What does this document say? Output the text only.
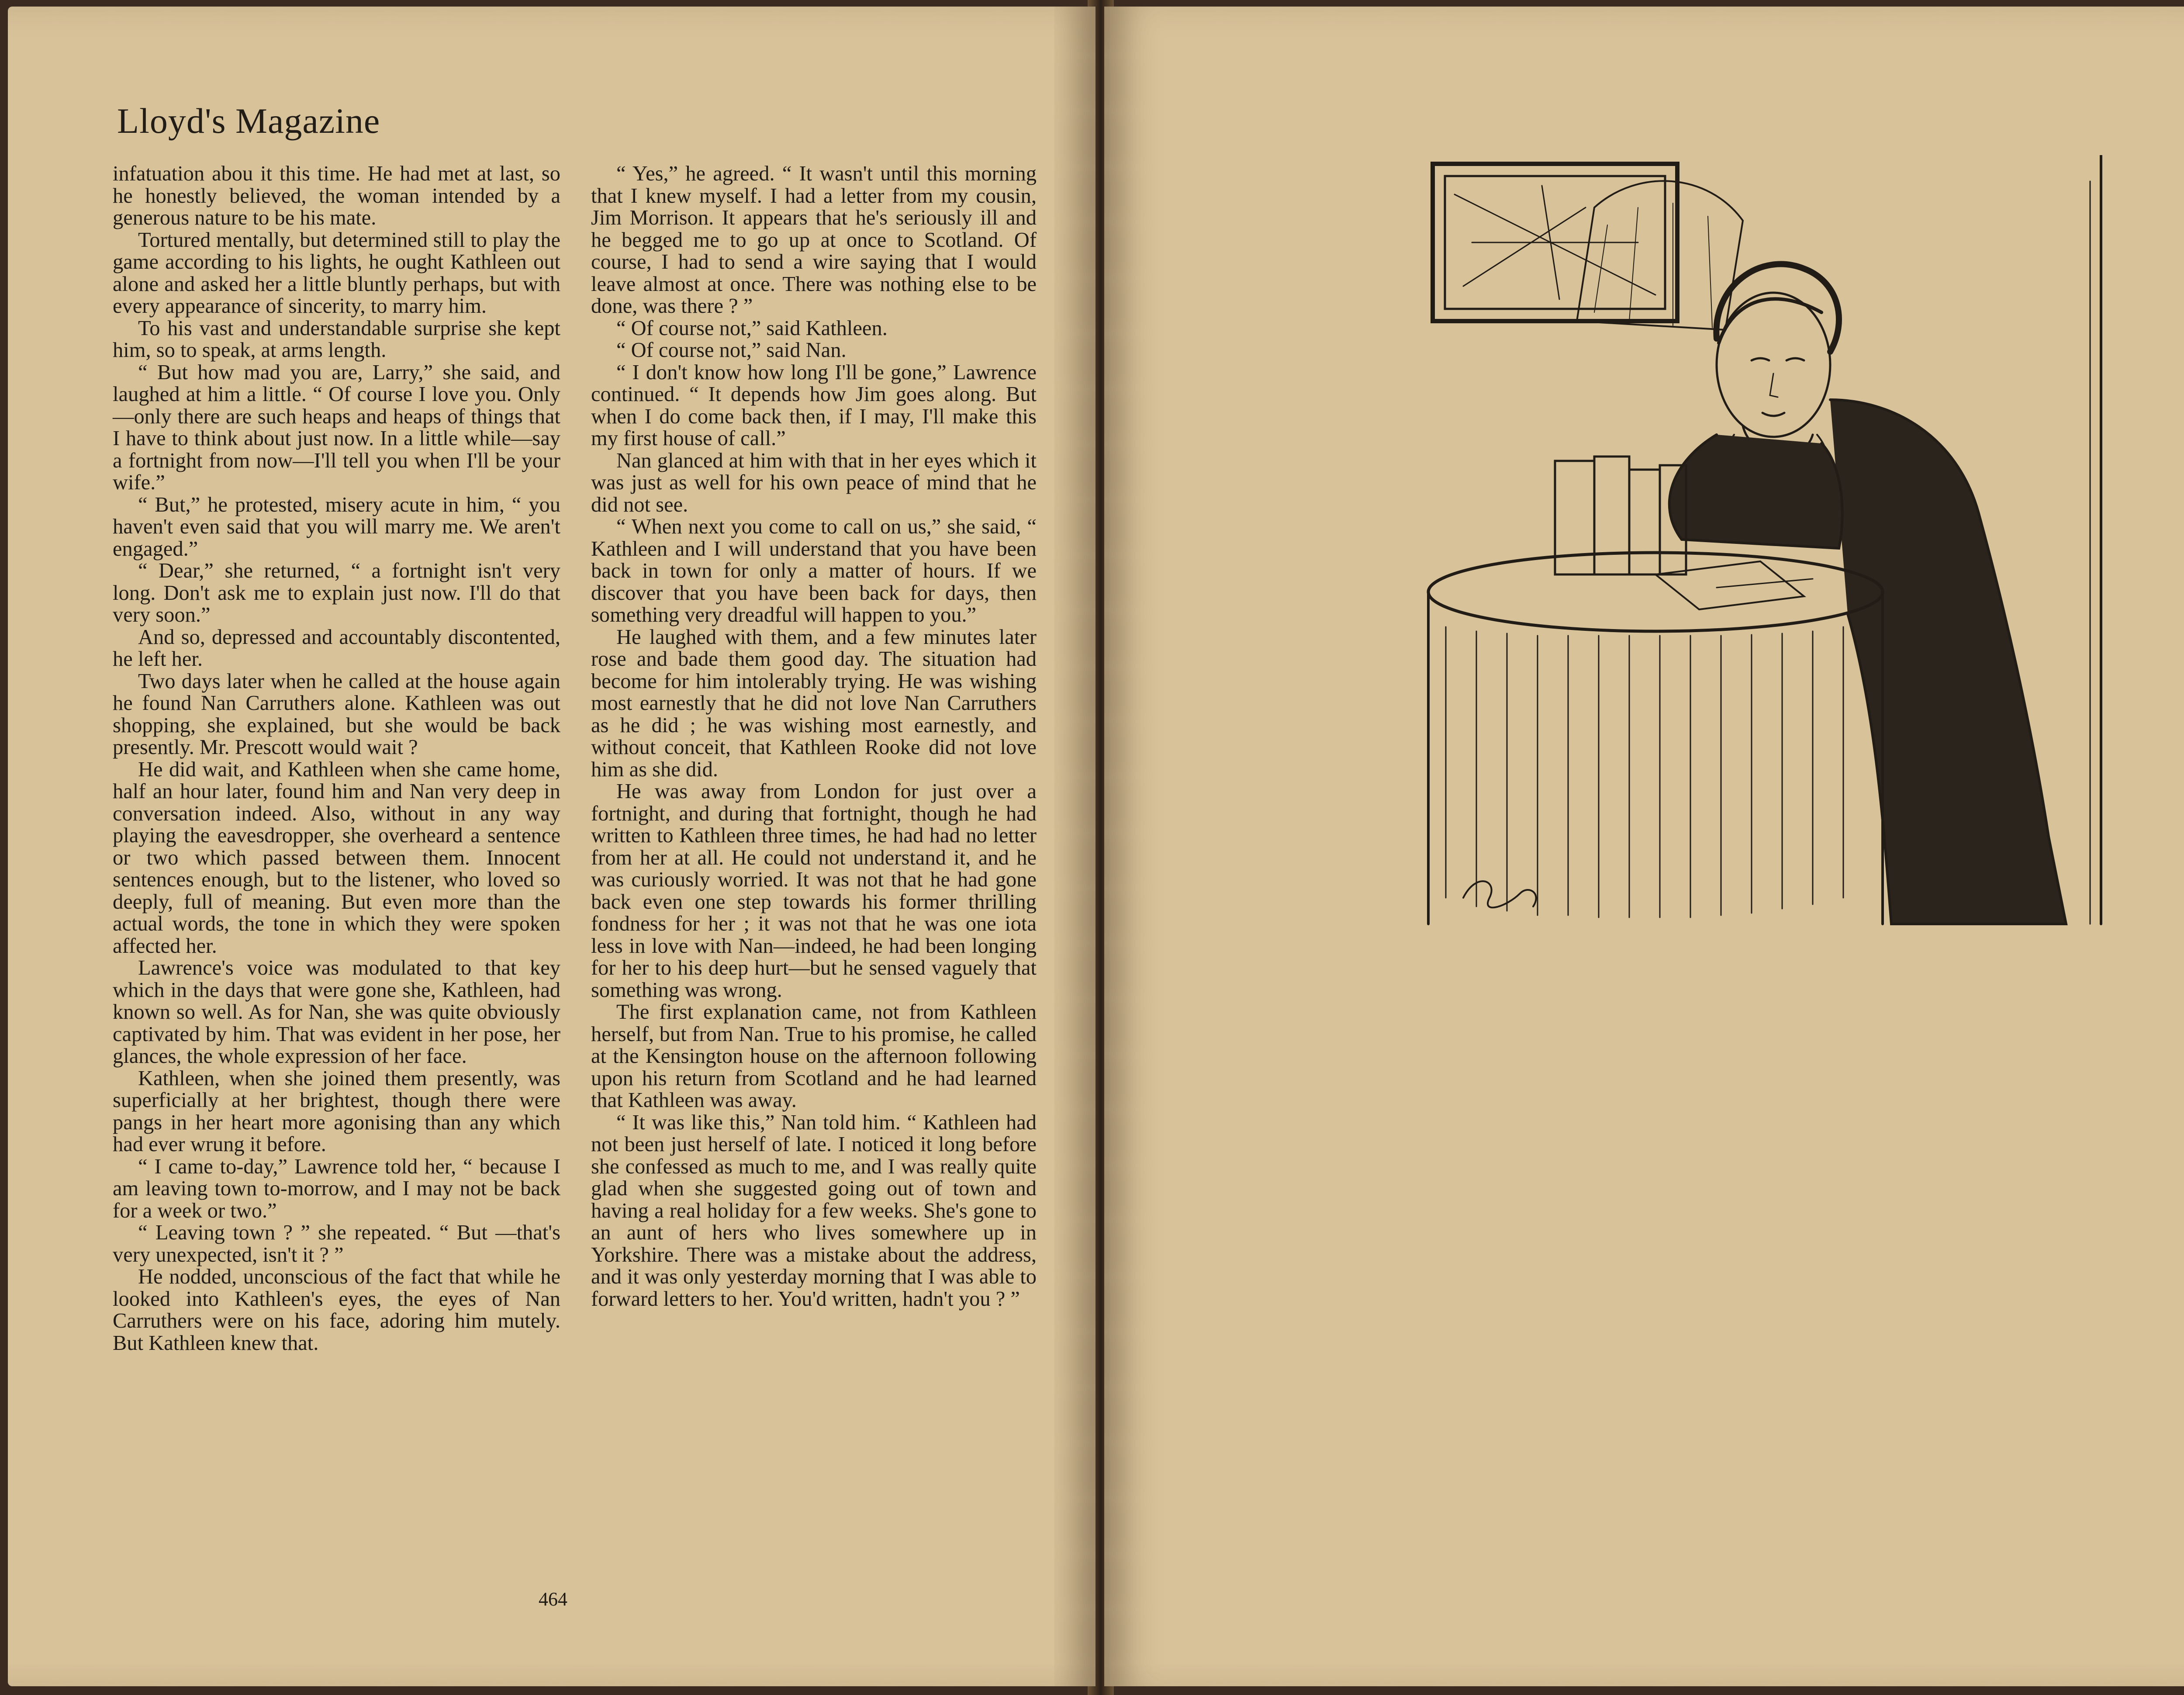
Lloyd's Magazine

infatuation abou it this time. He had met at last, so he honestly believed, the woman intended by a generous nature to be his mate.

Tortured mentally, but determined still to play the game according to his lights, he ought Kathleen out alone and asked her a little bluntly perhaps, but with every appearance of sincerity, to marry him.

To his vast and understandable surprise she kept him, so to speak, at arms length.

“ But how mad you are, Larry,” she said, and laughed at him a little. “ Of course I love you. Only—only there are such heaps and heaps of things that I have to think about just now. In a little while—say a fortnight from now—I'll tell you when I'll be your wife.”

“ But,” he protested, misery acute in him, “ you haven't even said that you will marry me. We aren't engaged.”

“ Dear,” she returned, “ a fortnight isn't very long. Don't ask me to explain just now. I'll do that very soon.”

And so, depressed and accountably discontented, he left her.

Two days later when he called at the house again he found Nan Carruthers alone. Kathleen was out shopping, she explained, but she would be back presently. Mr. Prescott would wait ?

He did wait, and Kathleen when she came home, half an hour later, found him and Nan very deep in conversation indeed. Also, without in any way playing the eavesdropper, she overheard a sentence or two which passed between them. Innocent sentences enough, but to the listener, who loved so deeply, full of meaning. But even more than the actual words, the tone in which they were spoken affected her.

Lawrence's voice was modulated to that key which in the days that were gone she, Kathleen, had known so well. As for Nan, she was quite obviously captivated by him. That was evident in her pose, her glances, the whole expression of her face.

Kathleen, when she joined them presently, was superficially at her brightest, though there were pangs in her heart more agonising than any which had ever wrung it before.

“ I came to-day,” Lawrence told her, “ because I am leaving town to-morrow, and I may not be back for a week or two.”

“ Leaving town ? ” she repeated. “ But —that's very unexpected, isn't it ? ”

He nodded, unconscious of the fact that while he looked into Kathleen's eyes, the eyes of Nan Carruthers were on his face, adoring him mutely. But Kathleen knew that.

“ Yes,” he agreed. “ It wasn't until this morning that I knew myself. I had a letter from my cousin, Jim Morrison. It appears that he's seriously ill and he begged me to go up at once to Scotland. Of course, I had to send a wire saying that I would leave almost at once. There was nothing else to be done, was there ? ”

“ Of course not,” said Kathleen.

“ Of course not,” said Nan.

“ I don't know how long I'll be gone,” Lawrence continued. “ It depends how Jim goes along. But when I do come back then, if I may, I'll make this my first house of call.”

Nan glanced at him with that in her eyes which it was just as well for his own peace of mind that he did not see.

“ When next you come to call on us,” she said, “ Kathleen and I will understand that you have been back in town for only a matter of hours. If we discover that you have been back for days, then something very dreadful will happen to you.”

He laughed with them, and a few minutes later rose and bade them good day. The situation had become for him intolerably trying. He was wishing most earnestly that he did not love Nan Carruthers as he did ; he was wishing most earnestly, and without conceit, that Kathleen Rooke did not love him as she did.

He was away from London for just over a fortnight, and during that fortnight, though he had written to Kathleen three times, he had had no letter from her at all. He could not understand it, and he was curiously worried. It was not that he had gone back even one step towards his former thrilling fondness for her ; it was not that he was one iota less in love with Nan—indeed, he had been longing for her to his deep hurt—but he sensed vaguely that something was wrong.

The first explanation came, not from Kathleen herself, but from Nan. True to his promise, he called at the Kensington house on the afternoon following upon his return from Scotland and he had learned that Kathleen was away.

“ It was like this,” Nan told him. “ Kathleen had not been just herself of late. I noticed it long before she confessed as much to me, and I was really quite glad when she suggested going out of town and having a real holiday for a few weeks. She's gone to an aunt of hers who lives somewhere up in Yorkshire. There was a mistake about the address, and it was only yesterday morning that I was able to forward letters to her. You'd written, hadn't you ? ”

464
